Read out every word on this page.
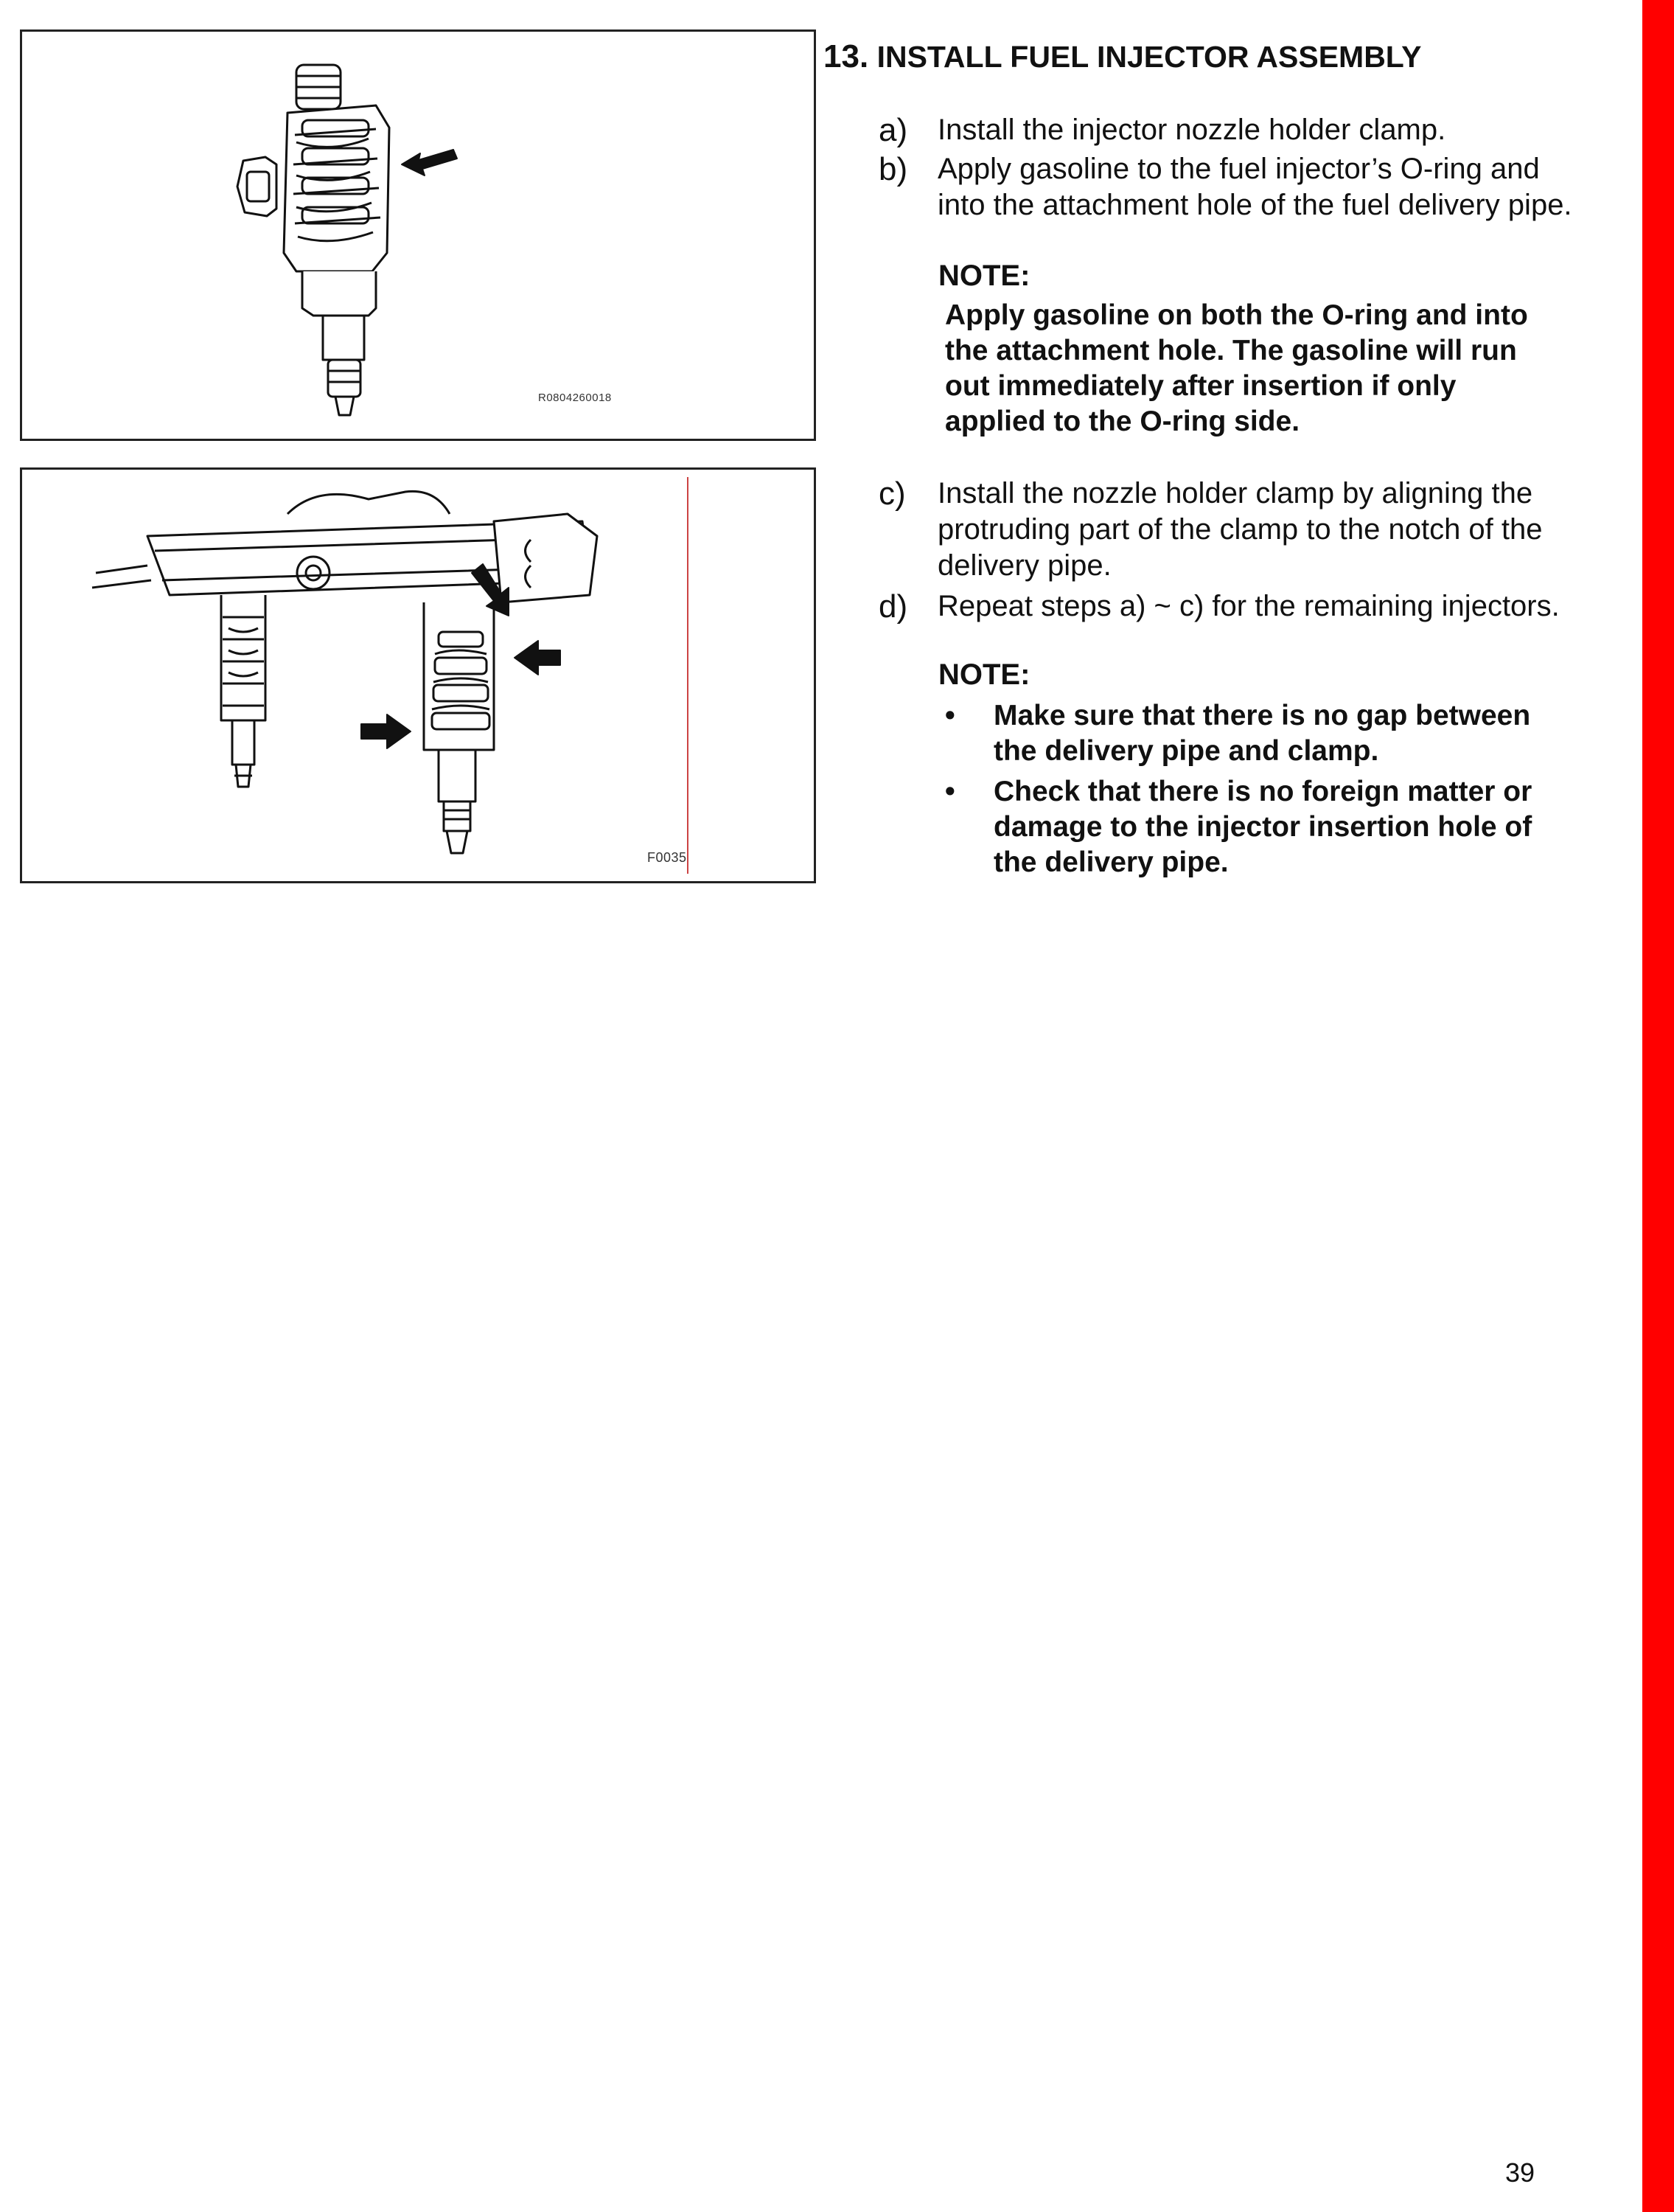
R0804260018
F0035
13. INSTALL FUEL INJECTOR ASSEMBLY
a) Install the injector nozzle holder clamp.
b) Apply gasoline to the fuel injector’s O-ring and
into the attachment hole of the fuel delivery pipe.
NOTE:
Apply gasoline on both the O-ring and into
the attachment hole. The gasoline will run
out immediately after insertion if only
applied to the O-ring side.
c) Install the nozzle holder clamp by aligning the
protruding part of the clamp to the notch of the
delivery pipe.
d) Repeat steps a) ~ c) for the remaining injectors.
NOTE:
• Make sure that there is no gap between
the delivery pipe and clamp.
• Check that there is no foreign matter or
damage to the injector insertion hole of
the delivery pipe.
39
